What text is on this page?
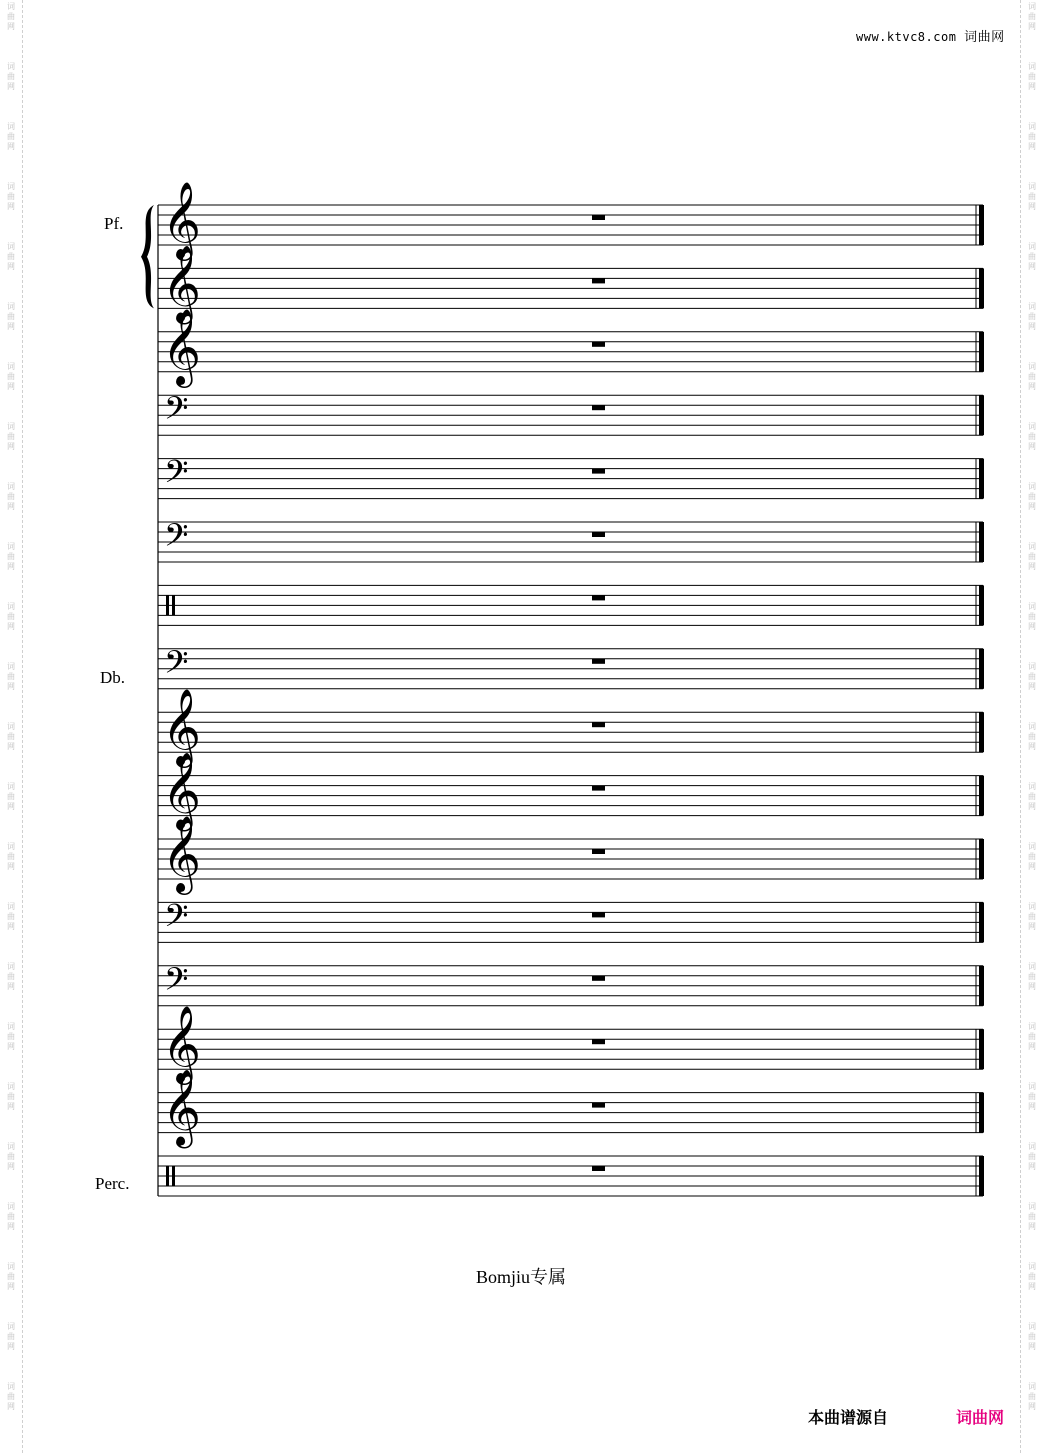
词
曲
网
词
曲
网
词
曲
网
词
曲
网
词
曲
网
词
曲
网
词
曲
网
词
曲
网
词
曲
网
词
曲
网
词
曲
网
词
曲
网
词
曲
网
词
曲
网
词
曲
网
词
曲
网
词
曲
网
词
曲
网
词
曲
网
词
曲
网
词
曲
网
词
曲
网
词
曲
网
词
曲
网
词
曲
网
词
曲
网
词
曲
网
词
曲
网
词
曲
网
词
曲
网
词
曲
网
词
曲
网
词
曲
网
词
曲
网
词
曲
网
词
曲
网
词
曲
网
词
曲
网
词
曲
网
词
曲
网
词
曲
网
词
曲
网
词
曲
网
词
曲
网
词
曲
网
词
曲
网
词
曲
网
词
曲
网
www.ktvc8.com 词曲网
Pf.
Db.
Perc.
𝄞
𝄞
𝄞
𝄢
𝄢
𝄢
𝄢
𝄞
𝄞
𝄞
𝄢
𝄢
𝄞
𝄞
Bomjiu专属
本曲谱源自	词曲网
